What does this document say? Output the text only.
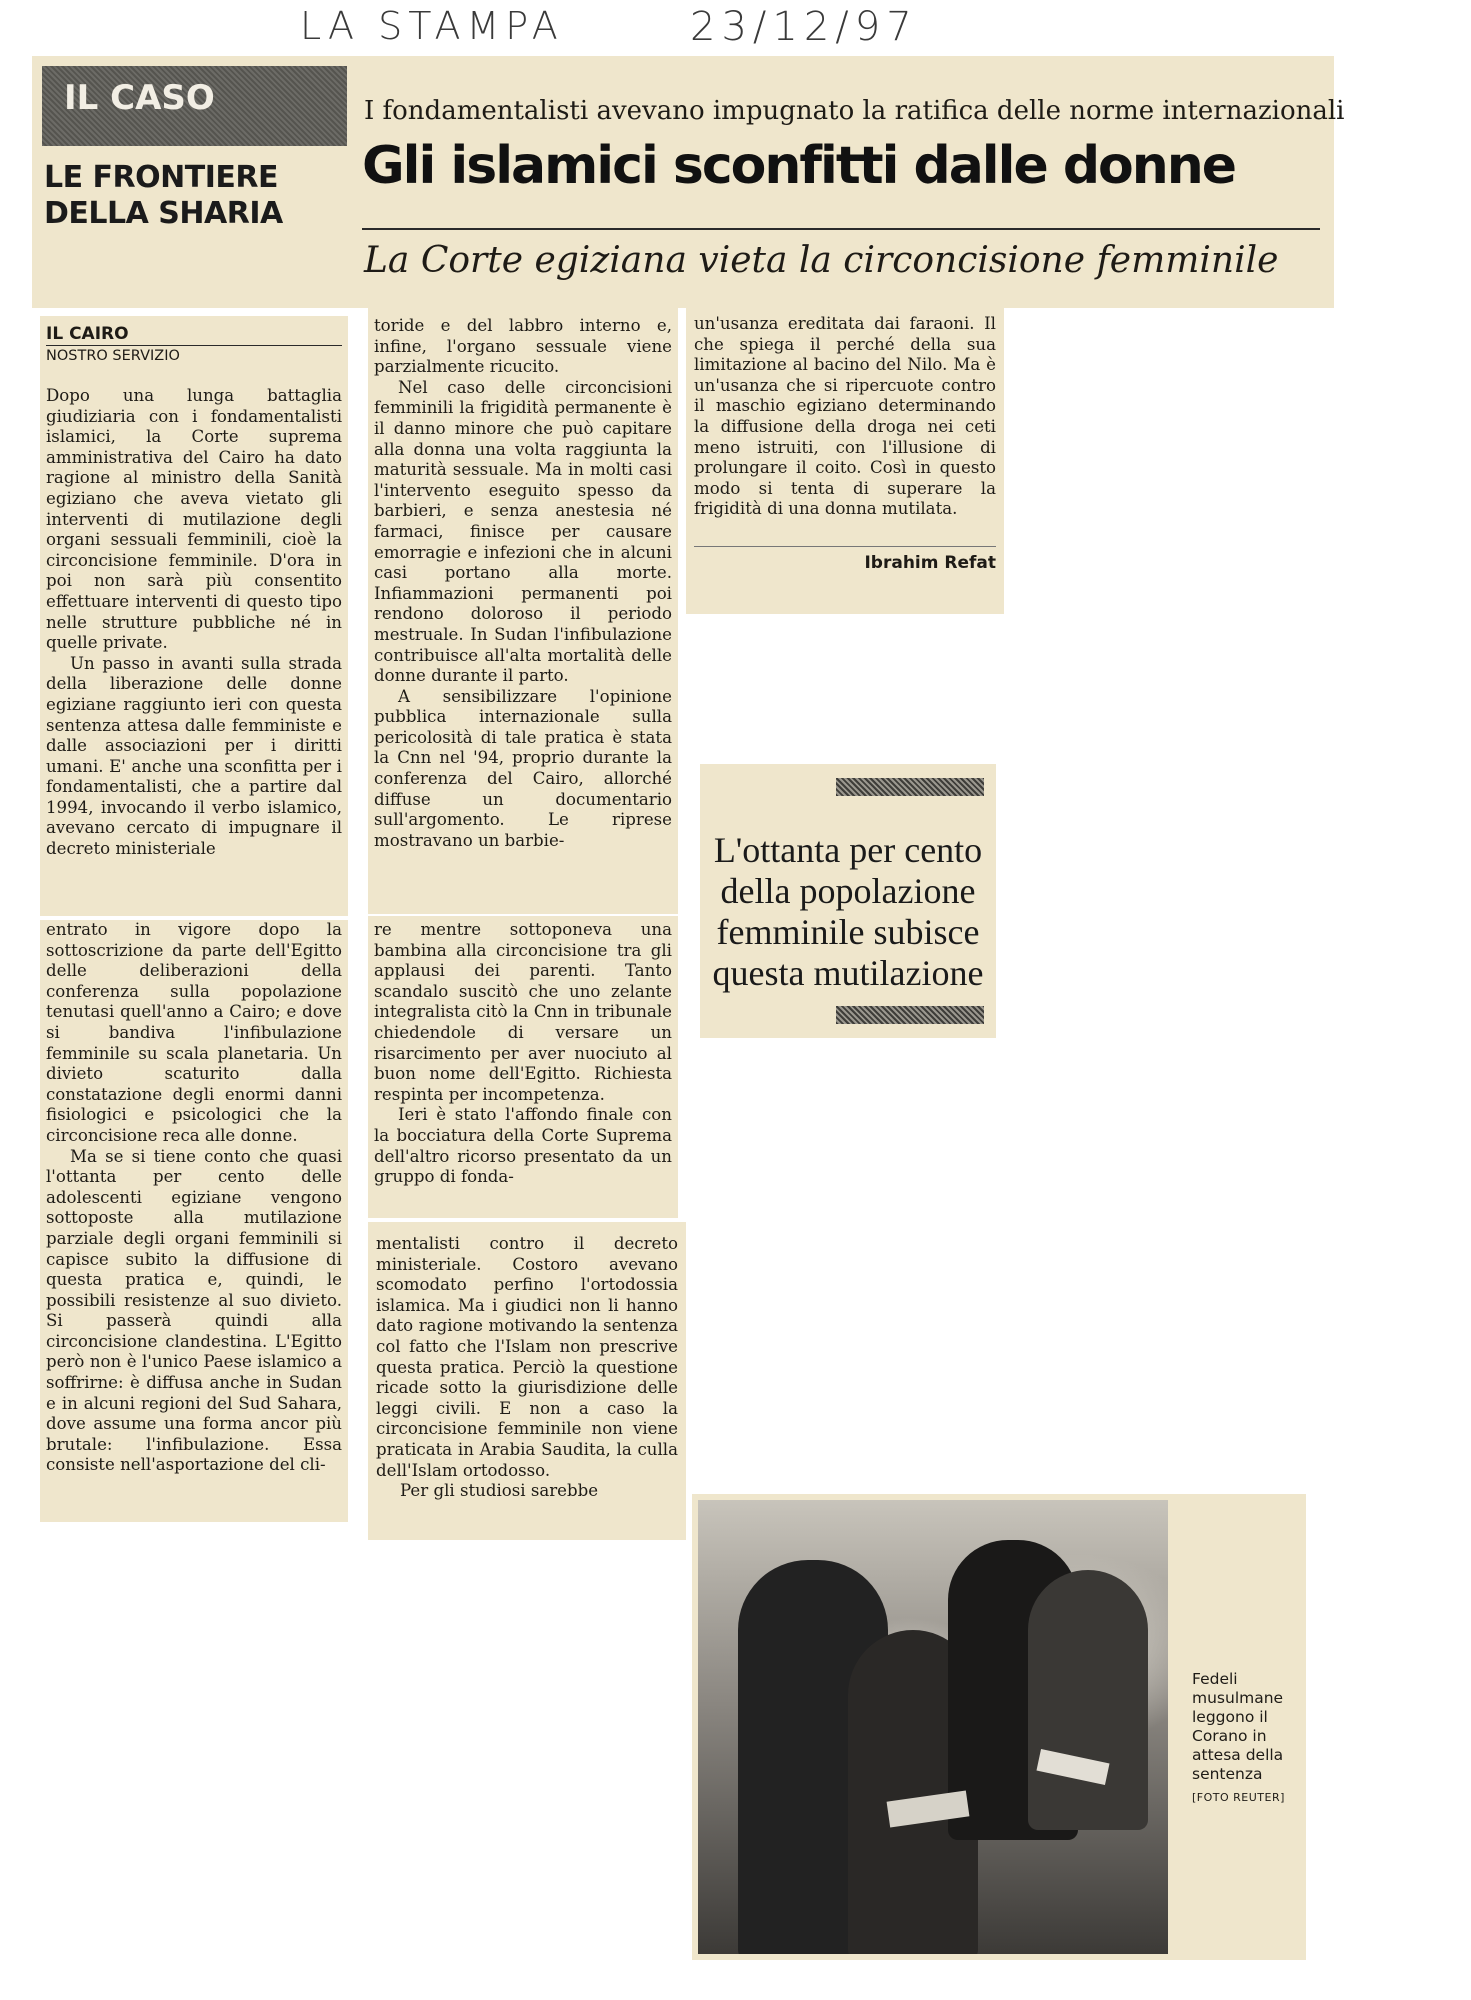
LA STAMPA	23/12/97
IL CASO
LE FRONTIERE DELLA SHARIA
I fondamentalisti avevano impugnato la ratifica delle norme internazionali
Gli islamici sconfitti dalle donne
La Corte egiziana vieta la circoncisione femminile
IL CAIRO
NOSTRO SERVIZIO

Dopo una lunga battaglia giudiziaria con i fondamentalisti islamici, la Corte suprema amministrativa del Cairo ha dato ragione al ministro della Sanità egiziano che aveva vietato gli interventi di mutilazione degli organi sessuali femminili, cioè la circoncisione femminile. D'ora in poi non sarà più consentito effettuare interventi di questo tipo nelle strutture pubbliche né in quelle private.

Un passo in avanti sulla strada della liberazione delle donne egiziane raggiunto ieri con questa sentenza attesa dalle femministe e dalle associazioni per i diritti umani. E' anche una sconfitta per i fondamentalisti, che a partire dal 1994, invocando il verbo islamico, avevano cercato di impugnare il decreto ministeriale

entrato in vigore dopo la sottoscrizione da parte dell'Egitto delle deliberazioni della conferenza sulla popolazione tenutasi quell'anno a Cairo; e dove si bandiva l'infibulazione femminile su scala planetaria. Un divieto scaturito dalla constatazione degli enormi danni fisiologici e psicologici che la circoncisione reca alle donne.

Ma se si tiene conto che quasi l'ottanta per cento delle adolescenti egiziane vengono sottoposte alla mutilazione parziale degli organi femminili si capisce subito la diffusione di questa pratica e, quindi, le possibili resistenze al suo divieto. Si passerà quindi alla circoncisione clandestina. L'Egitto però non è l'unico Paese islamico a soffrirne: è diffusa anche in Sudan e in alcuni regioni del Sud Sahara, dove assume una forma ancor più brutale: l'infibulazione. Essa consiste nell'asportazione del cli-

toride e del labbro interno e, infine, l'organo sessuale viene parzialmente ricucito.

Nel caso delle circoncisioni femminili la frigidità permanente è il danno minore che può capitare alla donna una volta raggiunta la maturità sessuale. Ma in molti casi l'intervento eseguito spesso da barbieri, e senza anestesia né farmaci, finisce per causare emorragie e infezioni che in alcuni casi portano alla morte. Infiammazioni permanenti poi rendono doloroso il periodo mestruale. In Sudan l'infibulazione contribuisce all'alta mortalità delle donne durante il parto.

A sensibilizzare l'opinione pubblica internazionale sulla pericolosità di tale pratica è stata la Cnn nel '94, proprio durante la conferenza del Cairo, allorché diffuse un documentario sull'argomento. Le riprese mostravano un barbie-

re mentre sottoponeva una bambina alla circoncisione tra gli applausi dei parenti. Tanto scandalo suscitò che uno zelante integralista citò la Cnn in tribunale chiedendole di versare un risarcimento per aver nuociuto al buon nome dell'Egitto. Richiesta respinta per incompetenza.

Ieri è stato l'affondo finale con la bocciatura della Corte Suprema dell'altro ricorso presentato da un gruppo di fonda-

mentalisti contro il decreto ministeriale. Costoro avevano scomodato perfino l'ortodossia islamica. Ma i giudici non li hanno dato ragione motivando la sentenza col fatto che l'Islam non prescrive questa pratica. Perciò la questione ricade sotto la giurisdizione delle leggi civili. E non a caso la circoncisione femminile non viene praticata in Arabia Saudita, la culla dell'Islam ortodosso.

Per gli studiosi sarebbe

un'usanza ereditata dai faraoni. Il che spiega il perché della sua limitazione al bacino del Nilo. Ma è un'usanza che si ripercuote contro il maschio egiziano determinando la diffusione della droga nei ceti meno istruiti, con l'illusione di prolungare il coito. Così in questo modo si tenta di superare la frigidità di una donna mutilata.

Ibrahim Refat
L'ottanta per cento della popolazione femminile subisce questa mutilazione
Fedeli musulmane leggono il Corano in attesa della sentenza
[FOTO REUTER]
